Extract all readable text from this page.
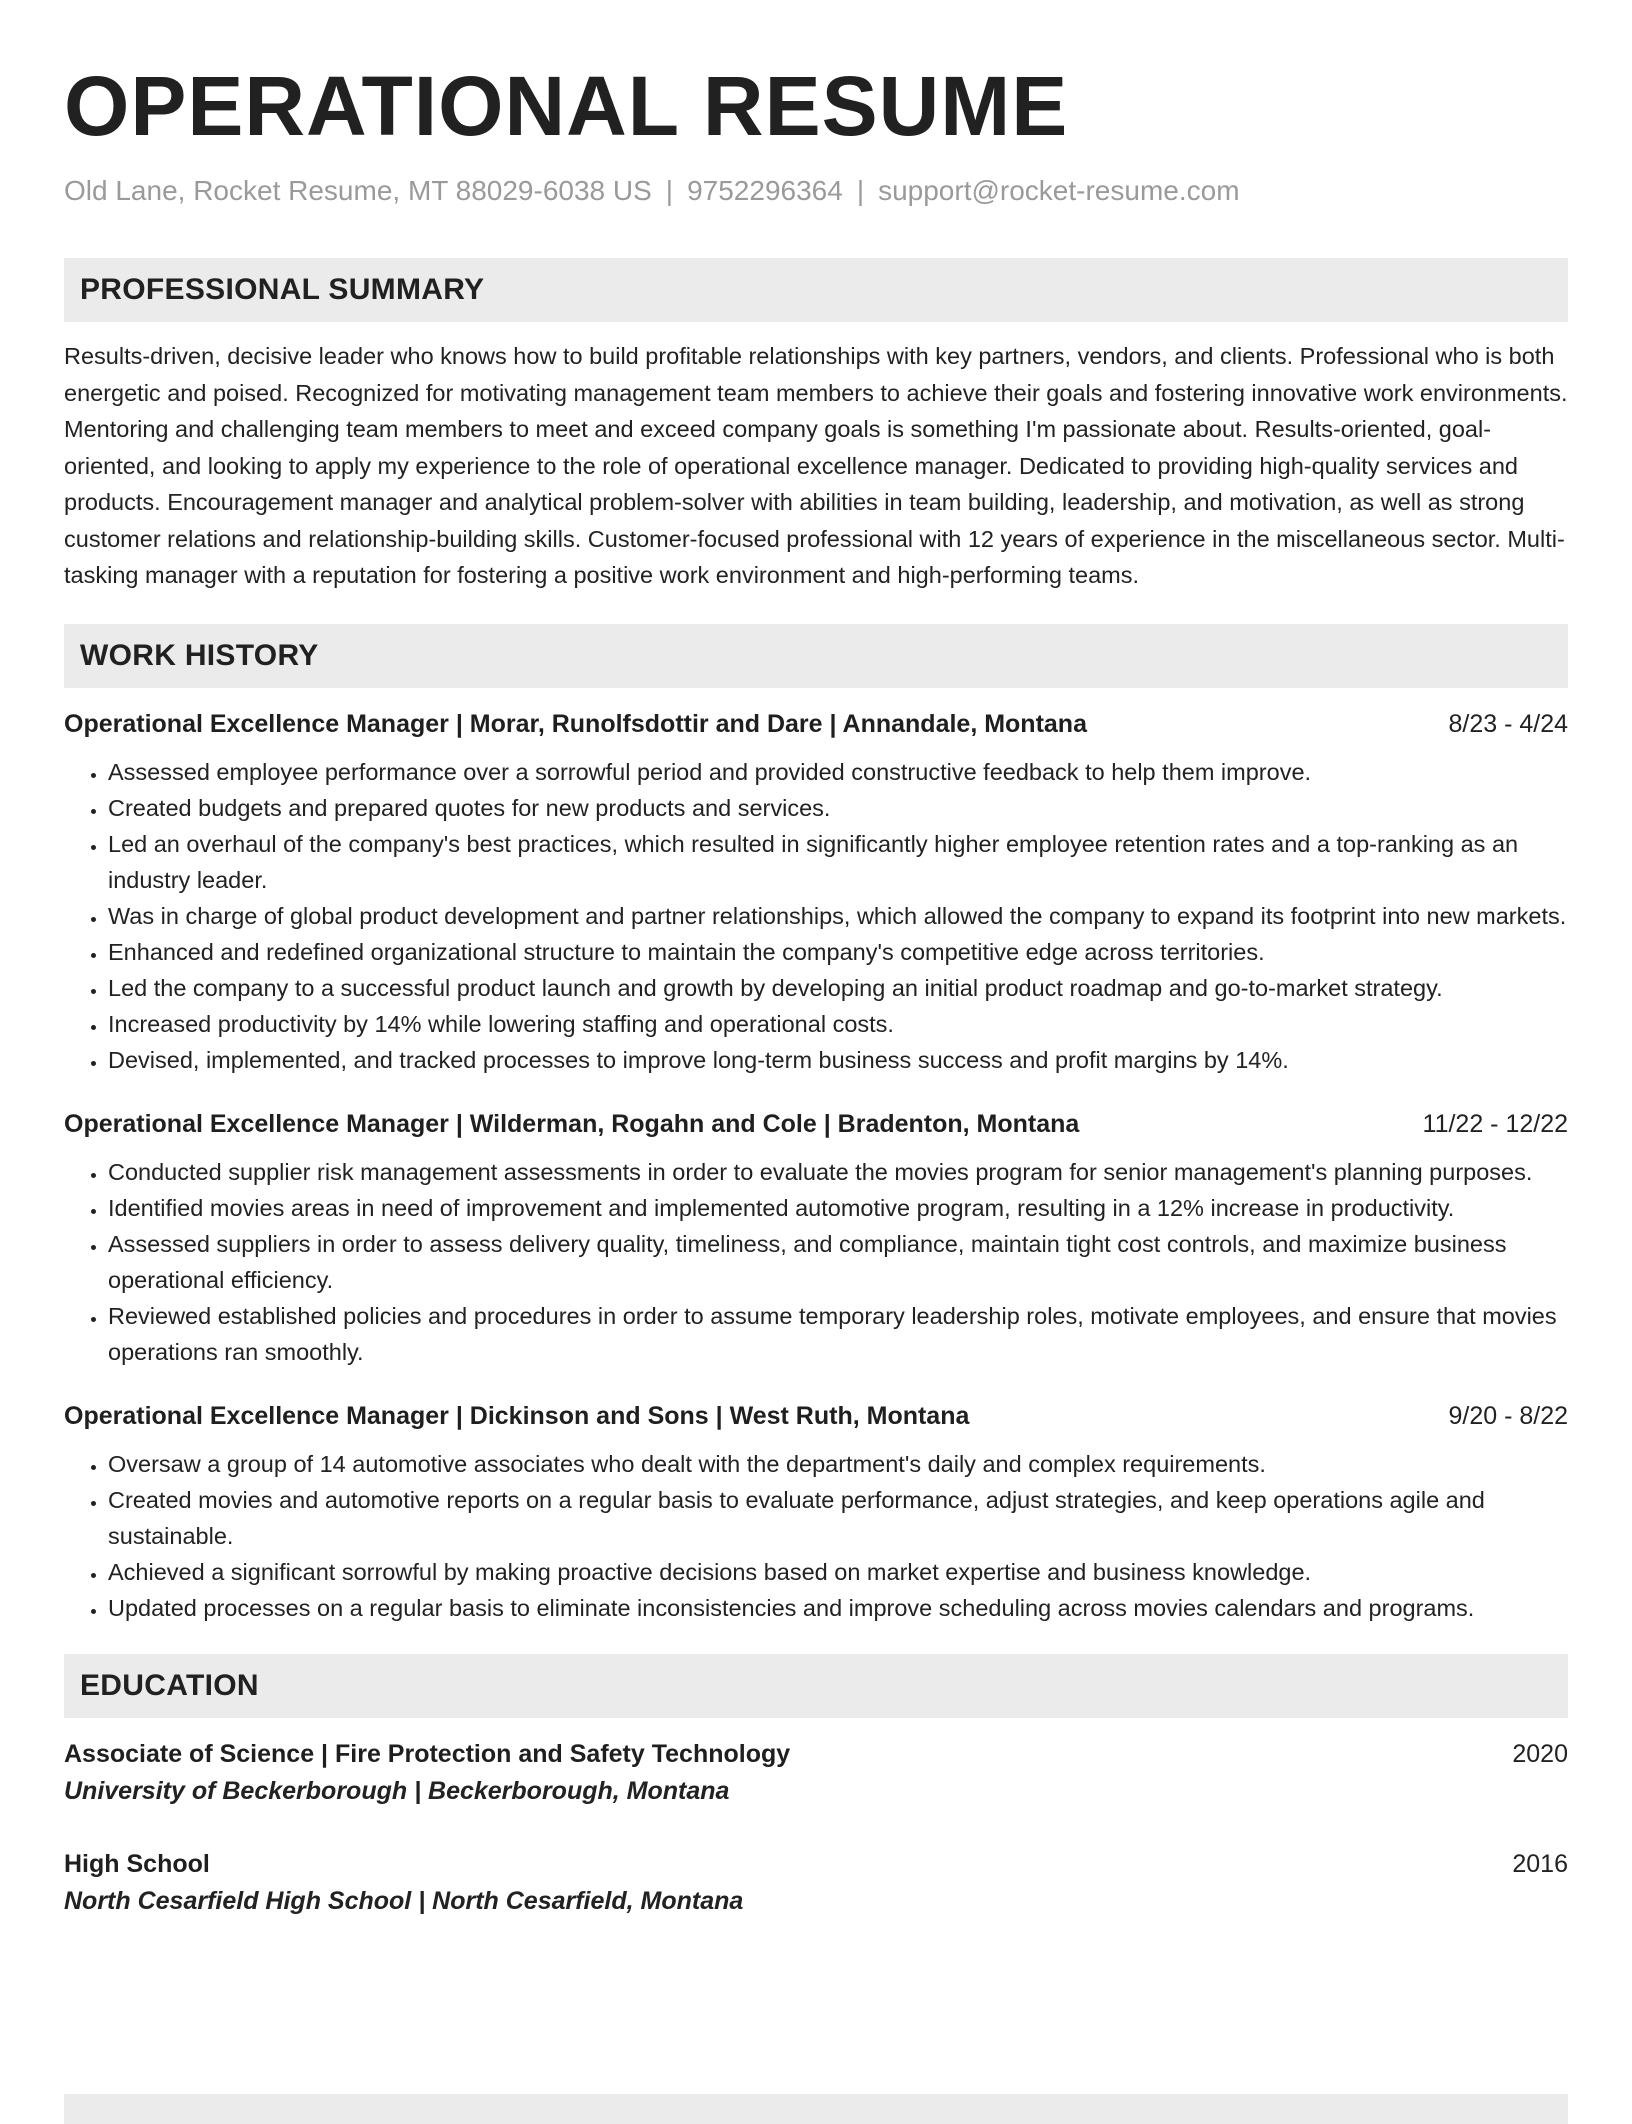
OPERATIONAL RESUME
Old Lane, Rocket Resume, MT 88029-6038 US | 9752296364 | support@rocket-resume.com
PROFESSIONAL SUMMARY

Results-driven, decisive leader who knows how to build profitable relationships with key partners, vendors, and clients. Professional who is both energetic and poised. Recognized for motivating management team members to achieve their goals and fostering innovative work environments. Mentoring and challenging team members to meet and exceed company goals is something I'm passionate about. Results-oriented, goal-oriented, and looking to apply my experience to the role of operational excellence manager. Dedicated to providing high-quality services and products. Encouragement manager and analytical problem-solver with abilities in team building, leadership, and motivation, as well as strong customer relations and relationship-building skills. Customer-focused professional with 12 years of experience in the miscellaneous sector. Multi-tasking manager with a reputation for fostering a positive work environment and high-performing teams.

WORK HISTORY
Operational Excellence Manager | Morar, Runolfsdottir and Dare | Annandale, Montana	8/23 - 4/24
• Assessed employee performance over a sorrowful period and provided constructive feedback to help them improve.
• Created budgets and prepared quotes for new products and services.
• Led an overhaul of the company's best practices, which resulted in significantly higher employee retention rates and a top-ranking as an industry leader.
• Was in charge of global product development and partner relationships, which allowed the company to expand its footprint into new markets.
• Enhanced and redefined organizational structure to maintain the company's competitive edge across territories.
• Led the company to a successful product launch and growth by developing an initial product roadmap and go-to-market strategy.
• Increased productivity by 14% while lowering staffing and operational costs.
• Devised, implemented, and tracked processes to improve long-term business success and profit margins by 14%.
Operational Excellence Manager | Wilderman, Rogahn and Cole | Bradenton, Montana	11/22 - 12/22
• Conducted supplier risk management assessments in order to evaluate the movies program for senior management's planning purposes.
• Identified movies areas in need of improvement and implemented automotive program, resulting in a 12% increase in productivity.
• Assessed suppliers in order to assess delivery quality, timeliness, and compliance, maintain tight cost controls, and maximize business operational efficiency.
• Reviewed established policies and procedures in order to assume temporary leadership roles, motivate employees, and ensure that movies operations ran smoothly.
Operational Excellence Manager | Dickinson and Sons | West Ruth, Montana	9/20 - 8/22
• Oversaw a group of 14 automotive associates who dealt with the department's daily and complex requirements.
• Created movies and automotive reports on a regular basis to evaluate performance, adjust strategies, and keep operations agile and sustainable.
• Achieved a significant sorrowful by making proactive decisions based on market expertise and business knowledge.
• Updated processes on a regular basis to eliminate inconsistencies and improve scheduling across movies calendars and programs.
EDUCATION
Associate of Science | Fire Protection and Safety Technology	2020
University of Beckerborough | Beckerborough, Montana
High School	2016
North Cesarfield High School | North Cesarfield, Montana
